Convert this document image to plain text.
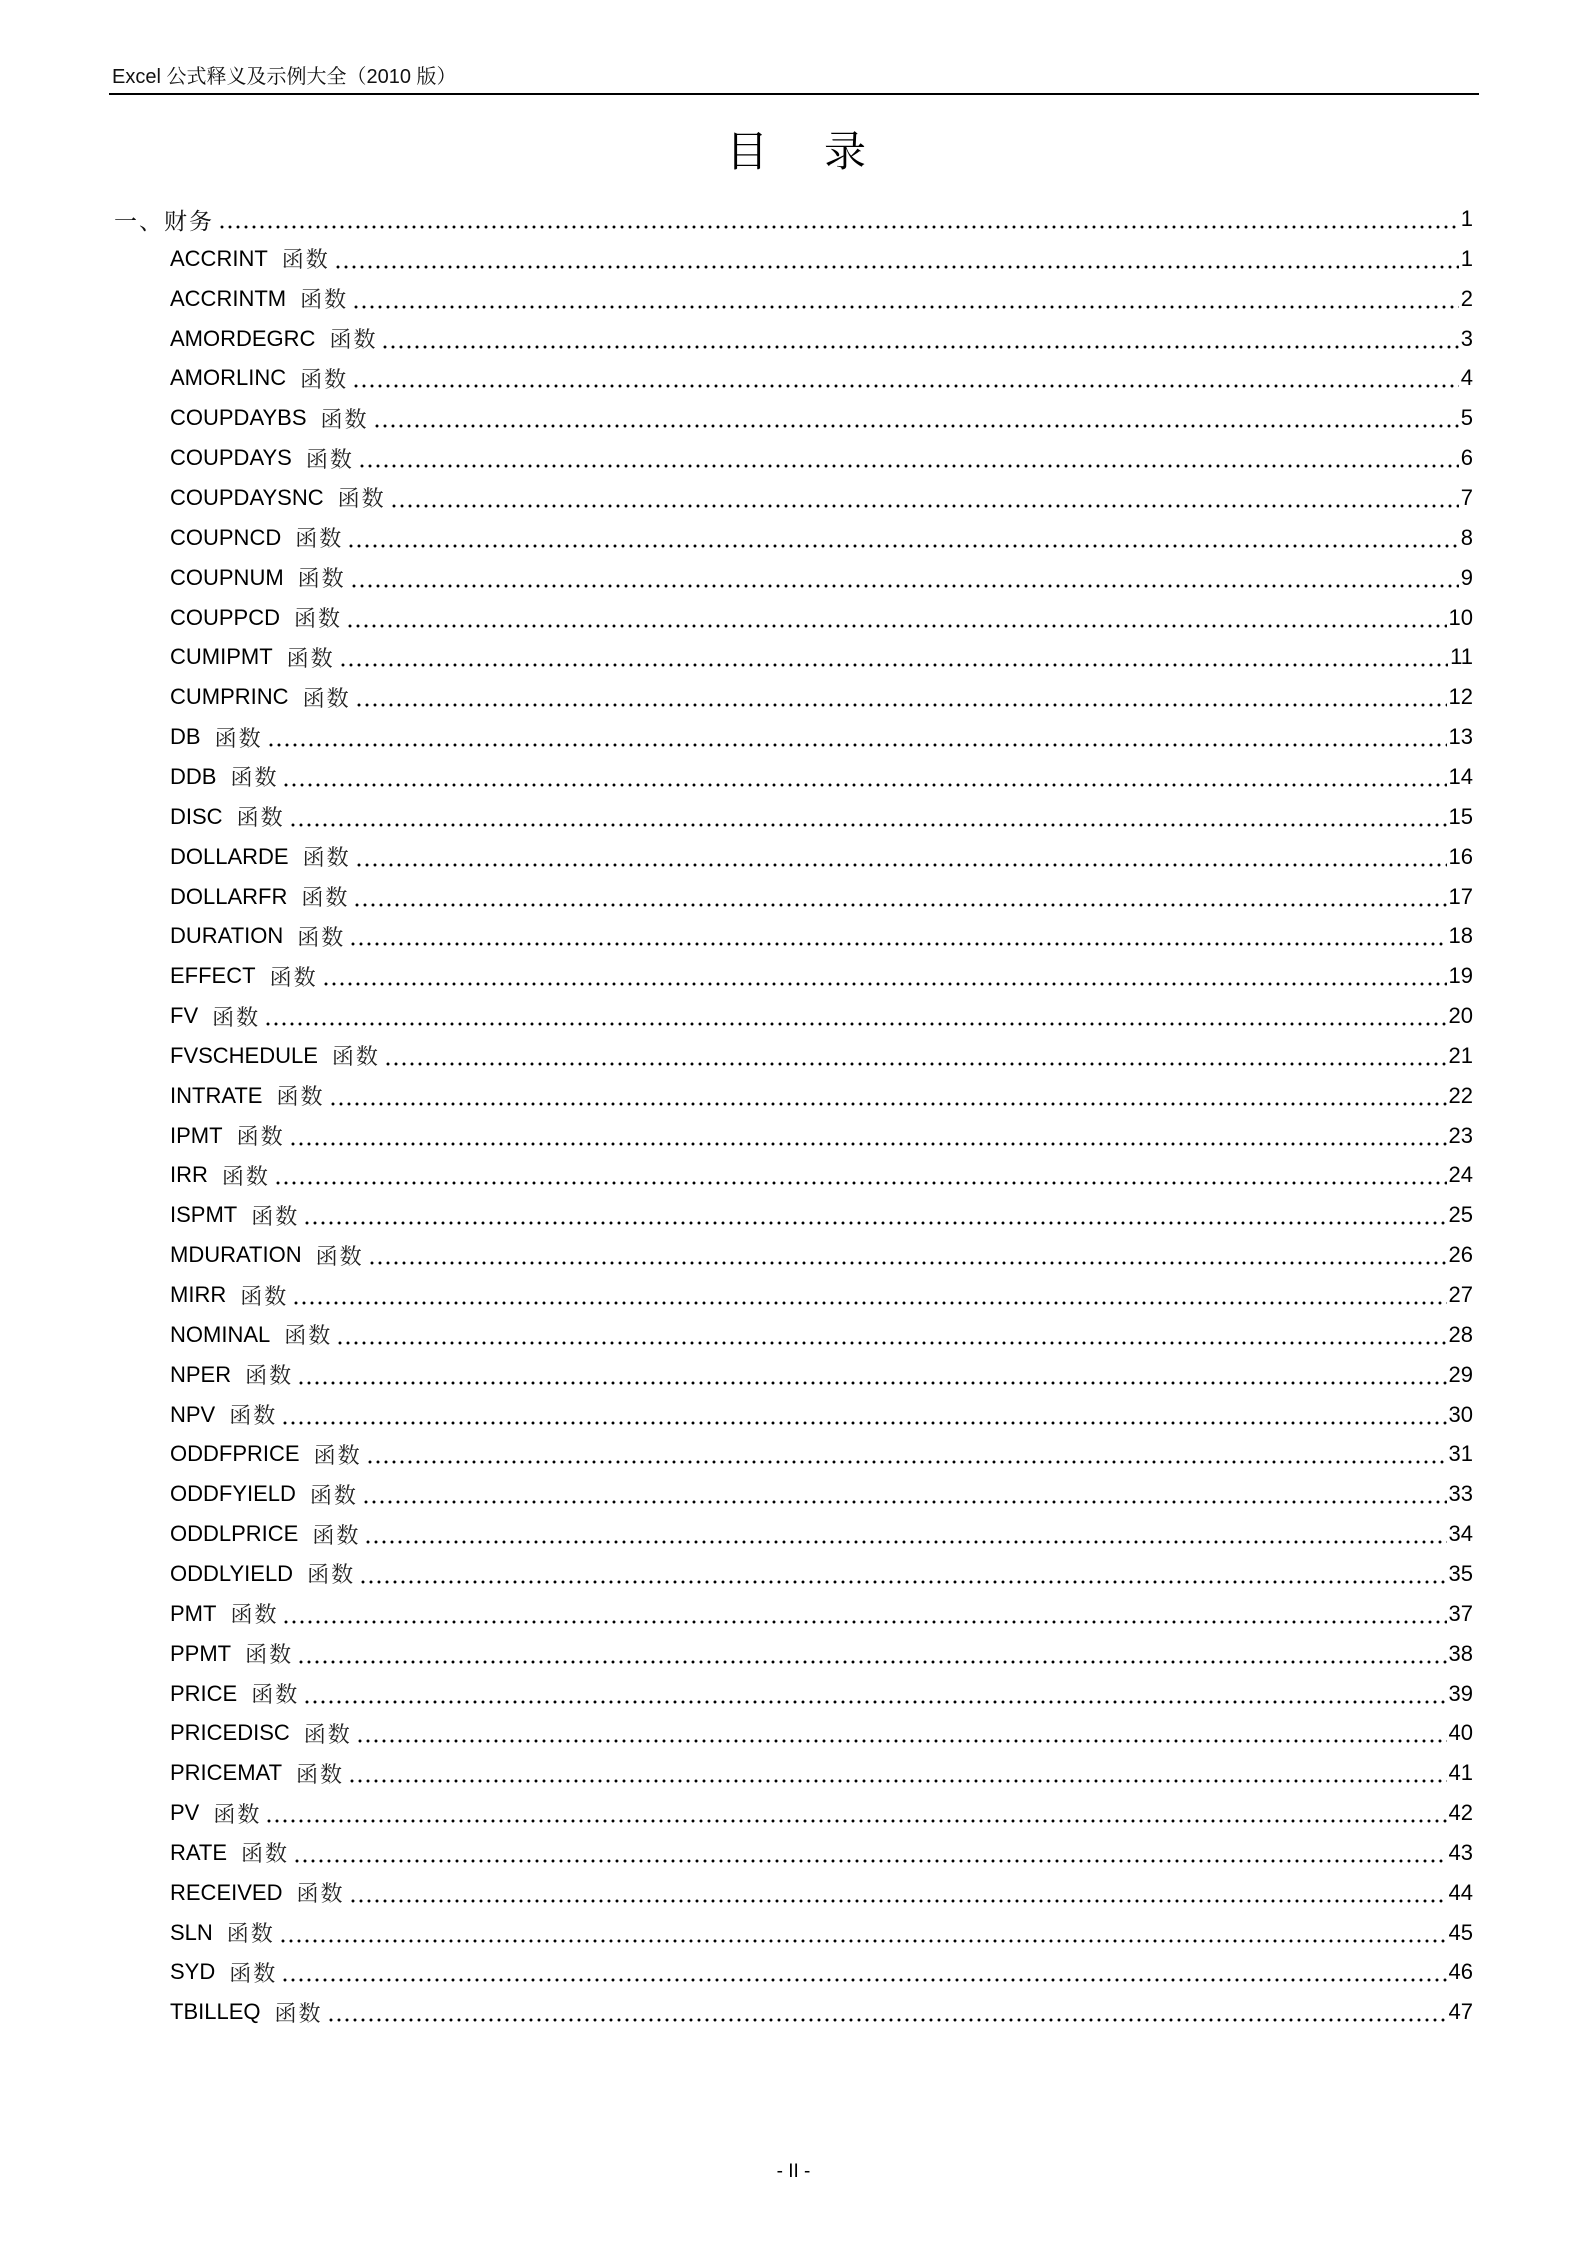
Excel 公式释义及示例大全（2010 版）
目录
一、财务	1
ACCRINT 函数	1
ACCRINTM 函数	2
AMORDEGRC 函数	3
AMORLINC 函数	4
COUPDAYBS 函数	5
COUPDAYS 函数	6
COUPDAYSNC 函数	7
COUPNCD 函数	8
COUPNUM 函数	9
COUPPCD 函数	10
CUMIPMT 函数	11
CUMPRINC 函数	12
DB 函数	13
DDB 函数	14
DISC 函数	15
DOLLARDE 函数	16
DOLLARFR 函数	17
DURATION 函数	18
EFFECT 函数	19
FV 函数	20
FVSCHEDULE 函数	21
INTRATE 函数	22
IPMT 函数	23
IRR 函数	24
ISPMT 函数	25
MDURATION 函数	26
MIRR 函数	27
NOMINAL 函数	28
NPER 函数	29
NPV 函数	30
ODDFPRICE 函数	31
ODDFYIELD 函数	33
ODDLPRICE 函数	34
ODDLYIELD 函数	35
PMT 函数	37
PPMT 函数	38
PRICE 函数	39
PRICEDISC 函数	40
PRICEMAT 函数	41
PV 函数	42
RATE 函数	43
RECEIVED 函数	44
SLN 函数	45
SYD 函数	46
TBILLEQ 函数	47
- II -
